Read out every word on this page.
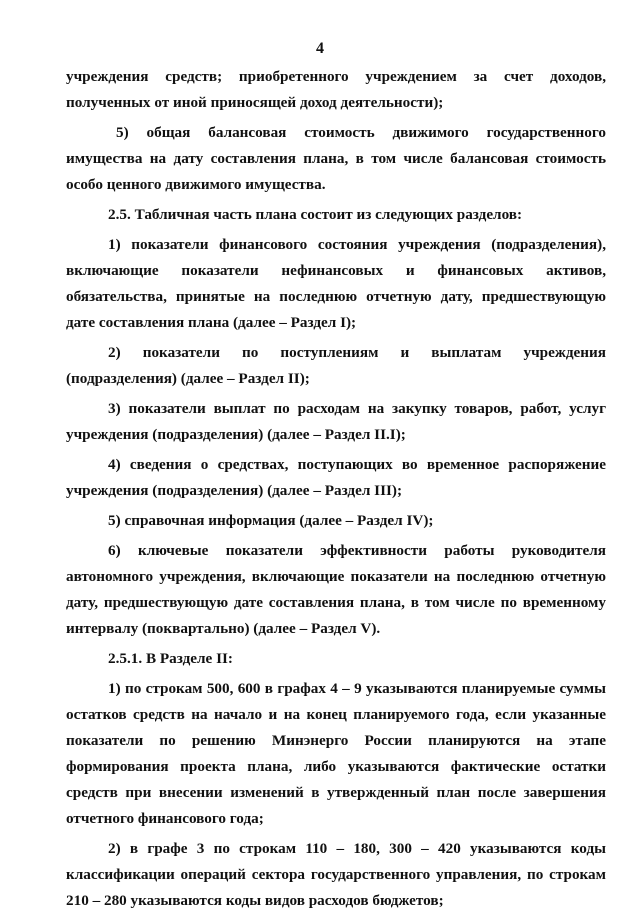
4

учреждения средств; приобретенного учреждением за счет доходов, полученных от иной приносящей доход деятельности);

5) общая балансовая стоимость движимого государственного имущества на дату составления плана, в том числе балансовая стоимость особо ценного движимого имущества.

2.5. Табличная часть плана состоит из следующих разделов:

1) показатели финансового состояния учреждения (подразделения), включающие показатели нефинансовых и финансовых активов, обязательства, принятые на последнюю отчетную дату, предшествующую дате составления плана (далее – Раздел I);

2) показатели по поступлениям и выплатам учреждения (подразделения) (далее – Раздел II);

3) показатели выплат по расходам на закупку товаров, работ, услуг учреждения (подразделения) (далее – Раздел II.I);

4) сведения о средствах, поступающих во временное распоряжение учреждения (подразделения) (далее – Раздел III);

5) справочная информация (далее – Раздел IV);

6) ключевые показатели эффективности работы руководителя автономного учреждения, включающие показатели на последнюю отчетную дату, предшествующую дате составления плана, в том числе по временному интервалу (поквартально) (далее – Раздел V).

2.5.1. В Разделе II:

1) по строкам 500, 600 в графах 4 – 9 указываются планируемые суммы остатков средств на начало и на конец планируемого года, если указанные показатели по решению Минэнерго России планируются на этапе формирования проекта плана, либо указываются фактические остатки средств при внесении изменений в утвержденный план после завершения отчетного финансового года;

2) в графе 3 по строкам 110 – 180, 300 – 420 указываются коды классификации операций сектора государственного управления, по строкам 210 – 280 указываются коды видов расходов бюджетов;
